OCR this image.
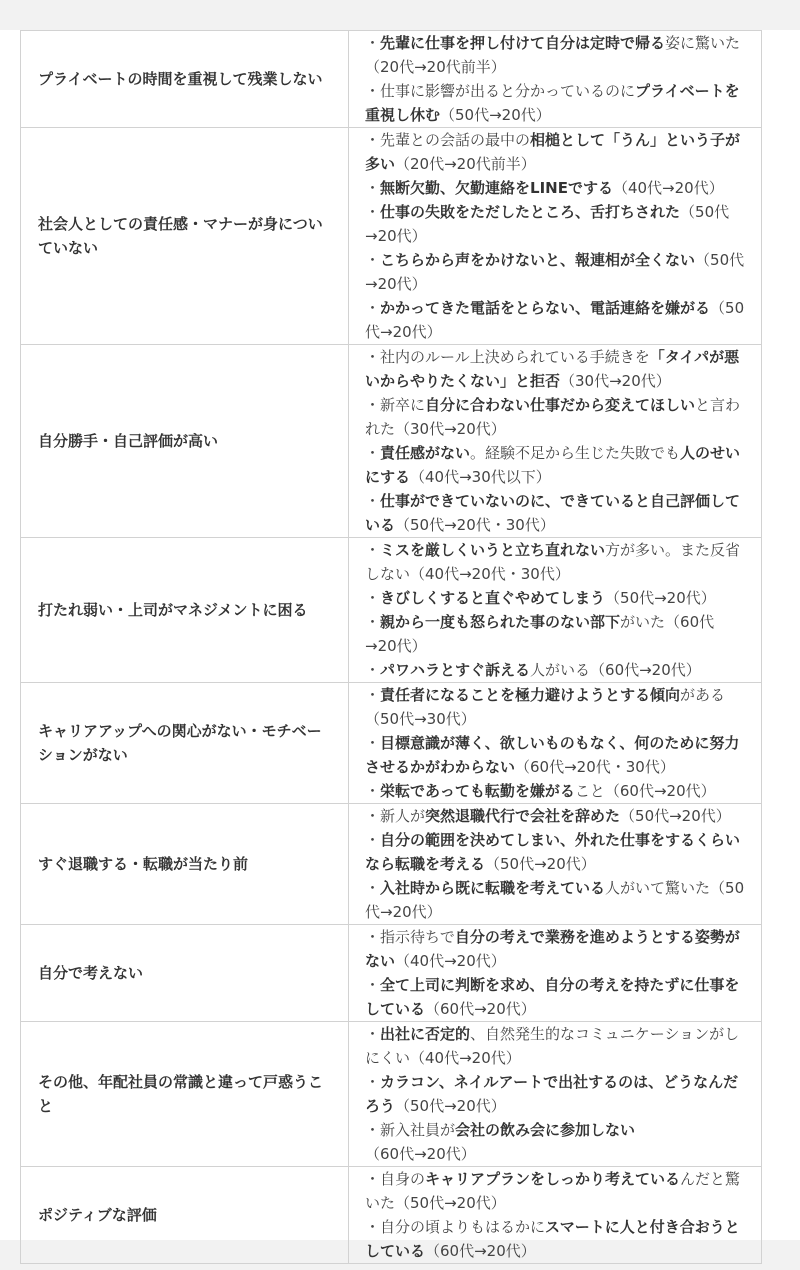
プライベートの時間を重視して残業しない	・先輩に仕事を押し付けて自分は定時で帰る姿に驚いた（20代→20代前半）
・仕事に影響が出ると分かっているのにプライベートを重視し休む（50代→20代）

社会人としての責任感・マナーが身についていない	・先輩との会話の最中の相槌として「うん」という子が多い（20代→20代前半）
・無断欠勤、欠勤連絡をLINEでする（40代→20代）
・仕事の失敗をただしたところ、舌打ちされた（50代→20代）
・こちらから声をかけないと、報連相が全くない（50代→20代）
・かかってきた電話をとらない、電話連絡を嫌がる（50代→20代）

自分勝手・自己評価が高い	・社内のルール上決められている手続きを「タイパが悪いからやりたくない」と拒否（30代→20代）
・新卒に自分に合わない仕事だから変えてほしいと言われた（30代→20代）
・責任感がない。経験不足から生じた失敗でも人のせいにする（40代→30代以下）
・仕事ができていないのに、できていると自己評価している（50代→20代・30代）

打たれ弱い・上司がマネジメントに困る	・ミスを厳しくいうと立ち直れない方が多い。また反省しない（40代→20代・30代）
・きびしくすると直ぐやめてしまう（50代→20代）
・親から一度も怒られた事のない部下がいた（60代→20代）
・パワハラとすぐ訴える人がいる（60代→20代）

キャリアアップへの関心がない・モチベーションがない	・責任者になることを極力避けようとする傾向がある（50代→30代）
・目標意識が薄く、欲しいものもなく、何のために努力させるかがわからない（60代→20代・30代）
・栄転であっても転勤を嫌がること（60代→20代）

すぐ退職する・転職が当たり前	・新人が突然退職代行で会社を辞めた（50代→20代）
・自分の範囲を決めてしまい、外れた仕事をするくらいなら転職を考える（50代→20代）
・入社時から既に転職を考えている人がいて驚いた（50代→20代）

自分で考えない	・指示待ちで自分の考えで業務を進めようとする姿勢がない（40代→20代）
・全て上司に判断を求め、自分の考えを持たずに仕事をしている（60代→20代）

その他、年配社員の常識と違って戸惑うこと	・出社に否定的、自然発生的なコミュニケーションがしにくい（40代→20代）
・カラコン、ネイルアートで出社するのは、どうなんだろう（50代→20代）
・新入社員が会社の飲み会に参加しない（60代→20代）

ポジティブな評価	・自身のキャリアプランをしっかり考えているんだと驚いた（50代→20代）
・自分の頃よりもはるかにスマートに人と付き合おうとしている（60代→20代）
